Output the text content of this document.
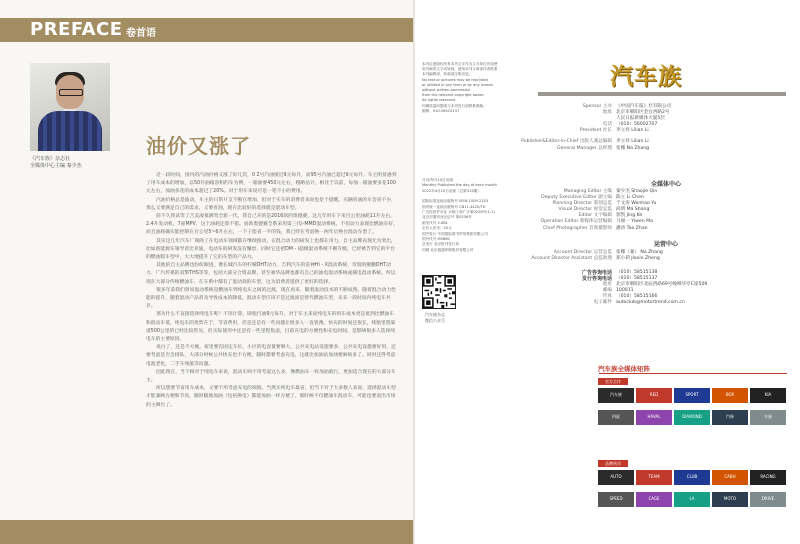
PREFACE 卷首语
《汽车族》杂志社
全媒体中心主编 秦少杰
油价又涨了

近一段时间，国内的汽油价格又涨了好几次，0 2号汽油接近9元每升，而95号汽油已超过9元每升。车主明显感到了用车成本的增加，以50升油箱容积的车为例，一箱油要450元左右，粗略估计，相比于以前，每加一箱油要多花100元左右，加油多花的成本超过了20%。对于用车来说可是一笔不小的费用。

汽油价格总是波动，车主的日常开支不断在增加，但对于买车的消费者来说也是个提醒。买辆省油的车会省不少，那么又要满足自己的需求，又要省油，现在比较好的选择就是混动车型。

前不久我试驾了吉美凌慕测驾全新一代，我自己开的是2016款的奥德赛，这几年用车下来百公里油耗11升左右，2.4升发动机，7座MPV，这个油耗还算不错。而新奥德赛全系采用第三代i-MMD混动系统，不但动力表现比燃油车好，而且油耗确实能控制在百公里5~6升左右，一下子能省一半的钱，我已经在考虑换一两年后换台混动车型了。

其实这几年汽车厂商除了在电动车领域都在继续推动，在混合动力的研发上也都在用力，自主品牌表现尤为突出，比如新能源车领导者比亚迪，电动车的研发没有懈怠，同时它还把DM - i超级混动系统不断升级，已经被告到它的平台的燃油版车型中，大大地提升了它的车型的产品力。

其他的自主品牌也纷纷跟进，像长城汽车的柠檬DHT动力、吉利汽车的雷神Hi - X混动系统、奇瑞的鲲鹏DHT动力、广汽传祺的双擎THS等等，包括大部分合资品牌，甚至豪华品牌也都有自己的油电混动系统或插电混动系统。所以现在大部分传统燃油车，在车系中都有了混动款的车型，这为消费者提供了更好的选择。

很多年前我们曾说混动系统是燃油车到纯电车之间的过渡，现在看来，随着混动技术的不断成熟，随着混合动力性能的提升，随着混动产品普及导致成本的降低，混动车型应该不是过渡而是替代燃油车型，未来一段时间内纯电车共存。

那为什么不直接选择纯电车呢？不用计算，即使汽油9元每升，对于车主来说纯电车的用车成本更是低到比燃油车和混动车低，纯电车的优势在于，节省费用，但是还是有一些问题让很多人一直犹豫，快充的时间还很长，续航里程靠谱500公里的已经比较常见，但实际使用中还是有一些里程焦虑，目前充电的方便性和充电时间，是影响很多人选择纯电车的主要原因。

说白了，还是不方便。家里要有固定车位，小区的电容量要够大，公共充电站设施要多，公共充电设施要好用，还要考虑是否会排队，大部分时候公共快充也不方便，随时都要考虑充电，这就比加油站加油要麻烦多了。同时还得考虑电池老化，二手车残值等问题。

因此现在，当下相对于纯电车来说，混动车则不用考虑这么多，像燃油车一样加油就行，更加适合现在的大部分车主。

所以想要节省用车成本，又要不用考虑充电的烦恼，当然买纯电车最省，但当下对于大多数人来说，选择混动车型才能兼顾方便和节省，随时随地加油（包括换电）都能加油一样方便了，那时候不仅燃油车混动车，可能也要退出市场的主舞台了。

本刊注意版权所有本刊文字作为主办单位有权使
用刊载的文字或转载，使用本刊文章请作者联系
本刊编辑部，转载须注明出处。
No text or pictures may be reprinted
or utilized in any form or by any means
without written permission
from the relevant copyright owner.
All rights reserved.
印刷质量问题请与本刊发行部联系调换。
邮购：010-58515137
月刊/每月10日出版
Monthly Published the day of each month
2022年4月10日出版（总第315期）
国际标准连续出版物号 ISSN 1009-2153
国内统一连续出版物号 CN11-4420/TH
广告经营许可证 京朝工商广字第0226号(1-1)
北京市期刊登记证号 第0236号
邮发代号 2-681
定价人民币：20元
国外发行 中国国际图书贸易集团有限公司
国外代号 M5860
总发行 北京报刊发行局
印刷 北京盛通印刷股份有限公司
汽车族杂志
微信公众号
汽车族
Sponsor 主办 《中国汽车报》社有限公司
地址 北京市朝阳区金台西路2号
人民日报新媒体大厦5层
电话 （010）56002707
President 社长 李立祥 Lilian Li
Publisher&Editor-in-Chief 出版人兼总编辑 李立祥 Lilian Li
General Manager 总经理 张娜 Na Zhang
全媒体中心
Managing Editor 主编 秦少杰 Shaojie Qin
Deputy Executive Editor 副主编 陈立 Li Chen
Planning Director 策划总监 于文涛 Wenhao Yu
Visual Director 视觉总监 尚明 Ma Shang
Editor 文字编辑 郭凯 Jing Ke
Operation Editor 新媒体运营编辑 马丽一 Yiwen Ma
Chief Photographer 首席摄影师 潘涛 Tao Zhan
运营中心
Account Director 运营总监 张娜（兼） Na Zhang
Account Director Assistant 总监助理 郑小莉 Jiaxin Zheng
广告咨询电话 （010）58515138
发行咨询电话 （010）58515137
地址 北京市朝阳区北辰西路69号峻峰华亭C座509
邮编 100011
传真 （010）58515166
电子邮件 autoclub@motortrend.com.cn
汽车族全媒体矩阵
官方合作
品牌伙伴
汽车族	RED	SPORT	BOX	KIA
四驱	HAVAL	DIAMOND	汽修	车族
AUTO	TEAM	CLUB	CABH	RACING
SPEED	CAGE	LA	MOTO	DRIVE
